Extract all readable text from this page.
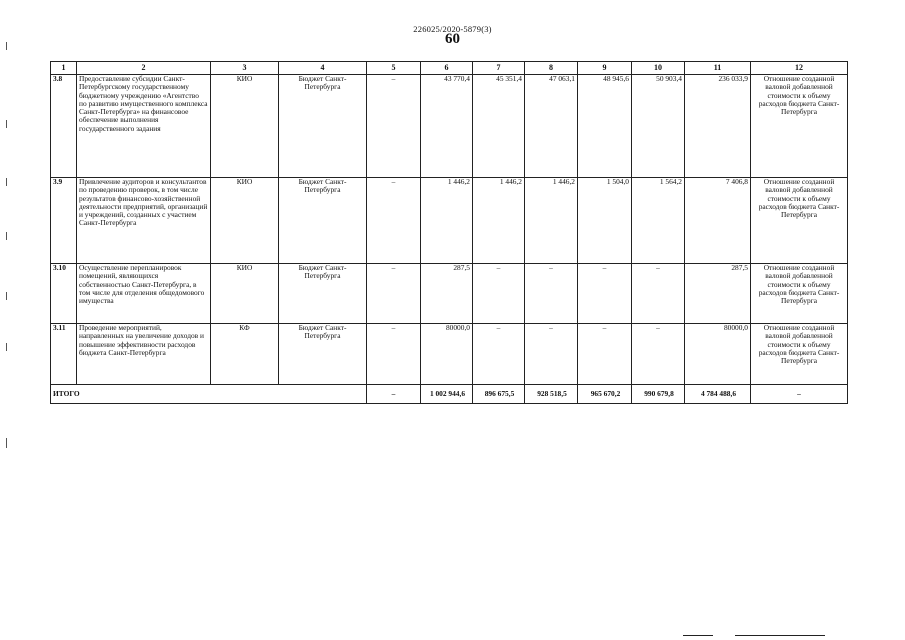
226025/2020-5879(3)
60
1	2	3	4	5	6	7	8	9	10	11	12
3.8	Предоставление субсидии Санкт-Петербургскому государственному бюджетному учреждению «Агентство по развитию имущественного комплекса Санкт-Петербурга» на финансовое обеспечение выполнения государственного задания	КИО	Бюджет Санкт-Петербурга	–	43 770,4	45 351,4	47 063,1	48 945,6	50 903,4	236 033,9	Отношение созданной валовой добавленной стоимости к объему расходов бюджета Санкт-Петербурга
3.9	Привлечение аудиторов и консультантов по проведению проверок, в том числе результатов финансово-хозяйственной деятельности предприятий, организаций и учреждений, созданных с участием Санкт-Петербурга	КИО	Бюджет Санкт-Петербурга	–	1 446,2	1 446,2	1 446,2	1 504,0	1 564,2	7 406,8	Отношение созданной валовой добавленной стоимости к объему расходов бюджета Санкт-Петербурга
3.10	Осуществление перепланировок помещений, являющихся собственностью Санкт-Петербурга, в том числе для отделения общедомового имущества	КИО	Бюджет Санкт-Петербурга	–	287,5	–	–	–	–	287,5	Отношение созданной валовой добавленной стоимости к объему расходов бюджета Санкт-Петербурга
3.11	Проведение мероприятий, направленных на увеличение доходов и повышение эффективности расходов бюджета Санкт-Петербурга	КФ	Бюджет Санкт-Петербурга	–	80000,0	–	–	–	–	80000,0	Отношение созданной валовой добавленной стоимости к объему расходов бюджета Санкт-Петербурга
ИТОГО				–	1 002 944,6	896 675,5	928 518,5	965 670,2	990 679,8	4 784 488,6	–
